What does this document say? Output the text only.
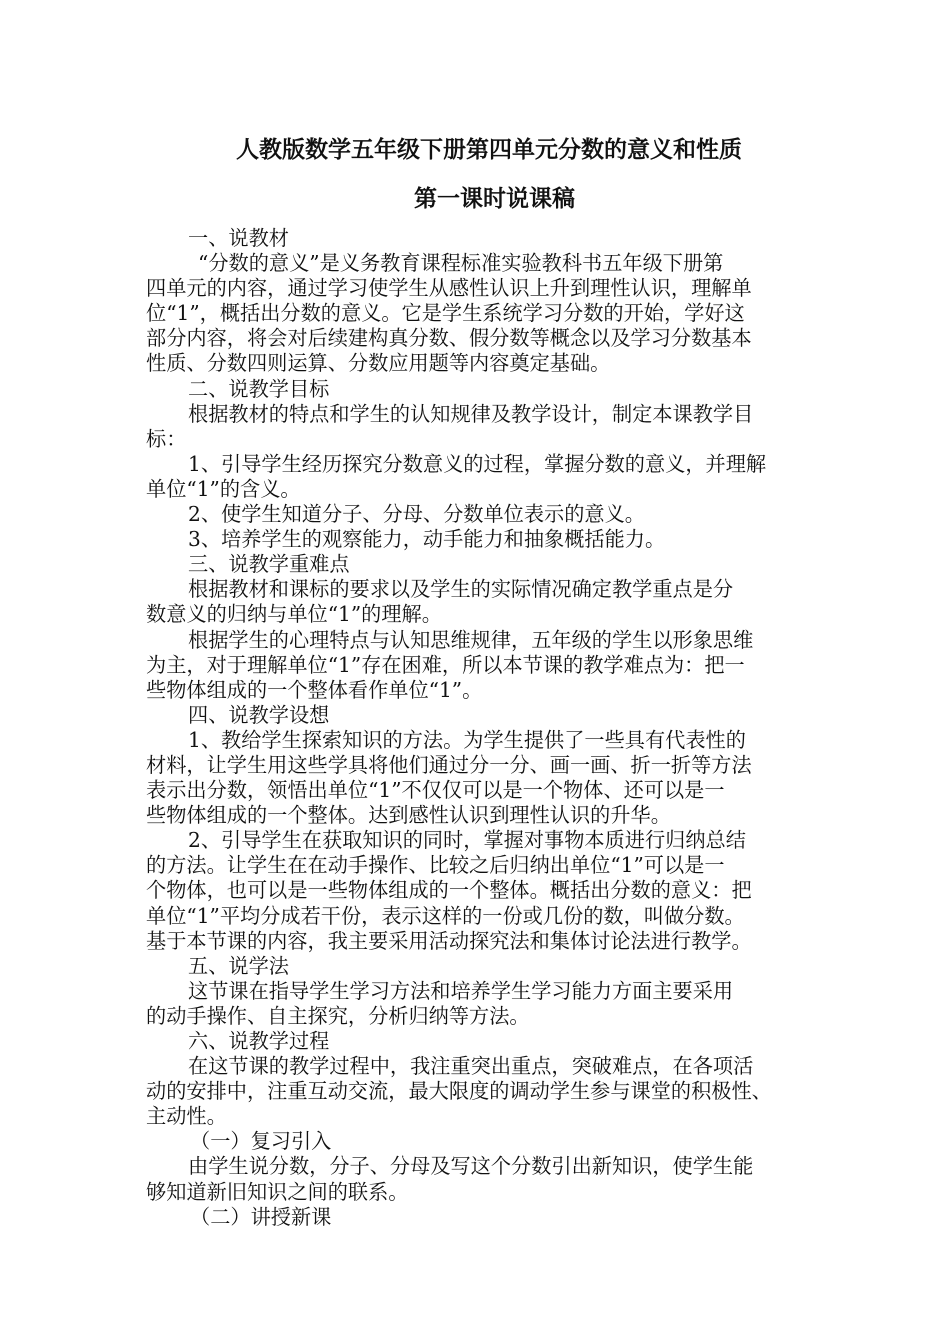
人教版数学五年级下册第四单元分数的意义和性质
第一课时说课稿

一、说教材

“分数的意义”是义务教育课程标准实验教科书五年级下册第

四单元的内容，通过学习使学生从感性认识上升到理性认识，理解单

位“1”，概括出分数的意义。它是学生系统学习分数的开始，学好这

部分内容，将会对后续建构真分数、假分数等概念以及学习分数基本

性质、分数四则运算、分数应用题等内容奠定基础。

二、说教学目标

根据教材的特点和学生的认知规律及教学设计，制定本课教学目

标：

1、引导学生经历探究分数意义的过程，掌握分数的意义，并理解

单位“1”的含义。

2、使学生知道分子、分母、分数单位表示的意义。

3、培养学生的观察能力，动手能力和抽象概括能力。

三、说教学重难点

根据教材和课标的要求以及学生的实际情况确定教学重点是分

数意义的归纳与单位“1”的理解。

根据学生的心理特点与认知思维规律，五年级的学生以形象思维

为主，对于理解单位“1”存在困难，所以本节课的教学难点为：把一

些物体组成的一个整体看作单位“1”。

四、说教学设想

1、教给学生探索知识的方法。为学生提供了一些具有代表性的

材料，让学生用这些学具将他们通过分一分、画一画、折一折等方法

表示出分数，领悟出单位“1”不仅仅可以是一个物体、还可以是一

些物体组成的一个整体。达到感性认识到理性认识的升华。

2、引导学生在获取知识的同时，掌握对事物本质进行归纳总结

的方法。让学生在在动手操作、比较之后归纳出单位“1”可以是一

个物体，也可以是一些物体组成的一个整体。概括出分数的意义：把

单位“1”平均分成若干份，表示这样的一份或几份的数，叫做分数。

基于本节课的内容，我主要采用活动探究法和集体讨论法进行教学。

五、说学法

这节课在指导学生学习方法和培养学生学习能力方面主要采用

的动手操作、自主探究，分析归纳等方法。

六、说教学过程

在这节课的教学过程中，我注重突出重点，突破难点，在各项活

动的安排中，注重互动交流，最大限度的调动学生参与课堂的积极性、

主动性。

（一）复习引入

由学生说分数，分子、分母及写这个分数引出新知识，使学生能

够知道新旧知识之间的联系。

（二）讲授新课
